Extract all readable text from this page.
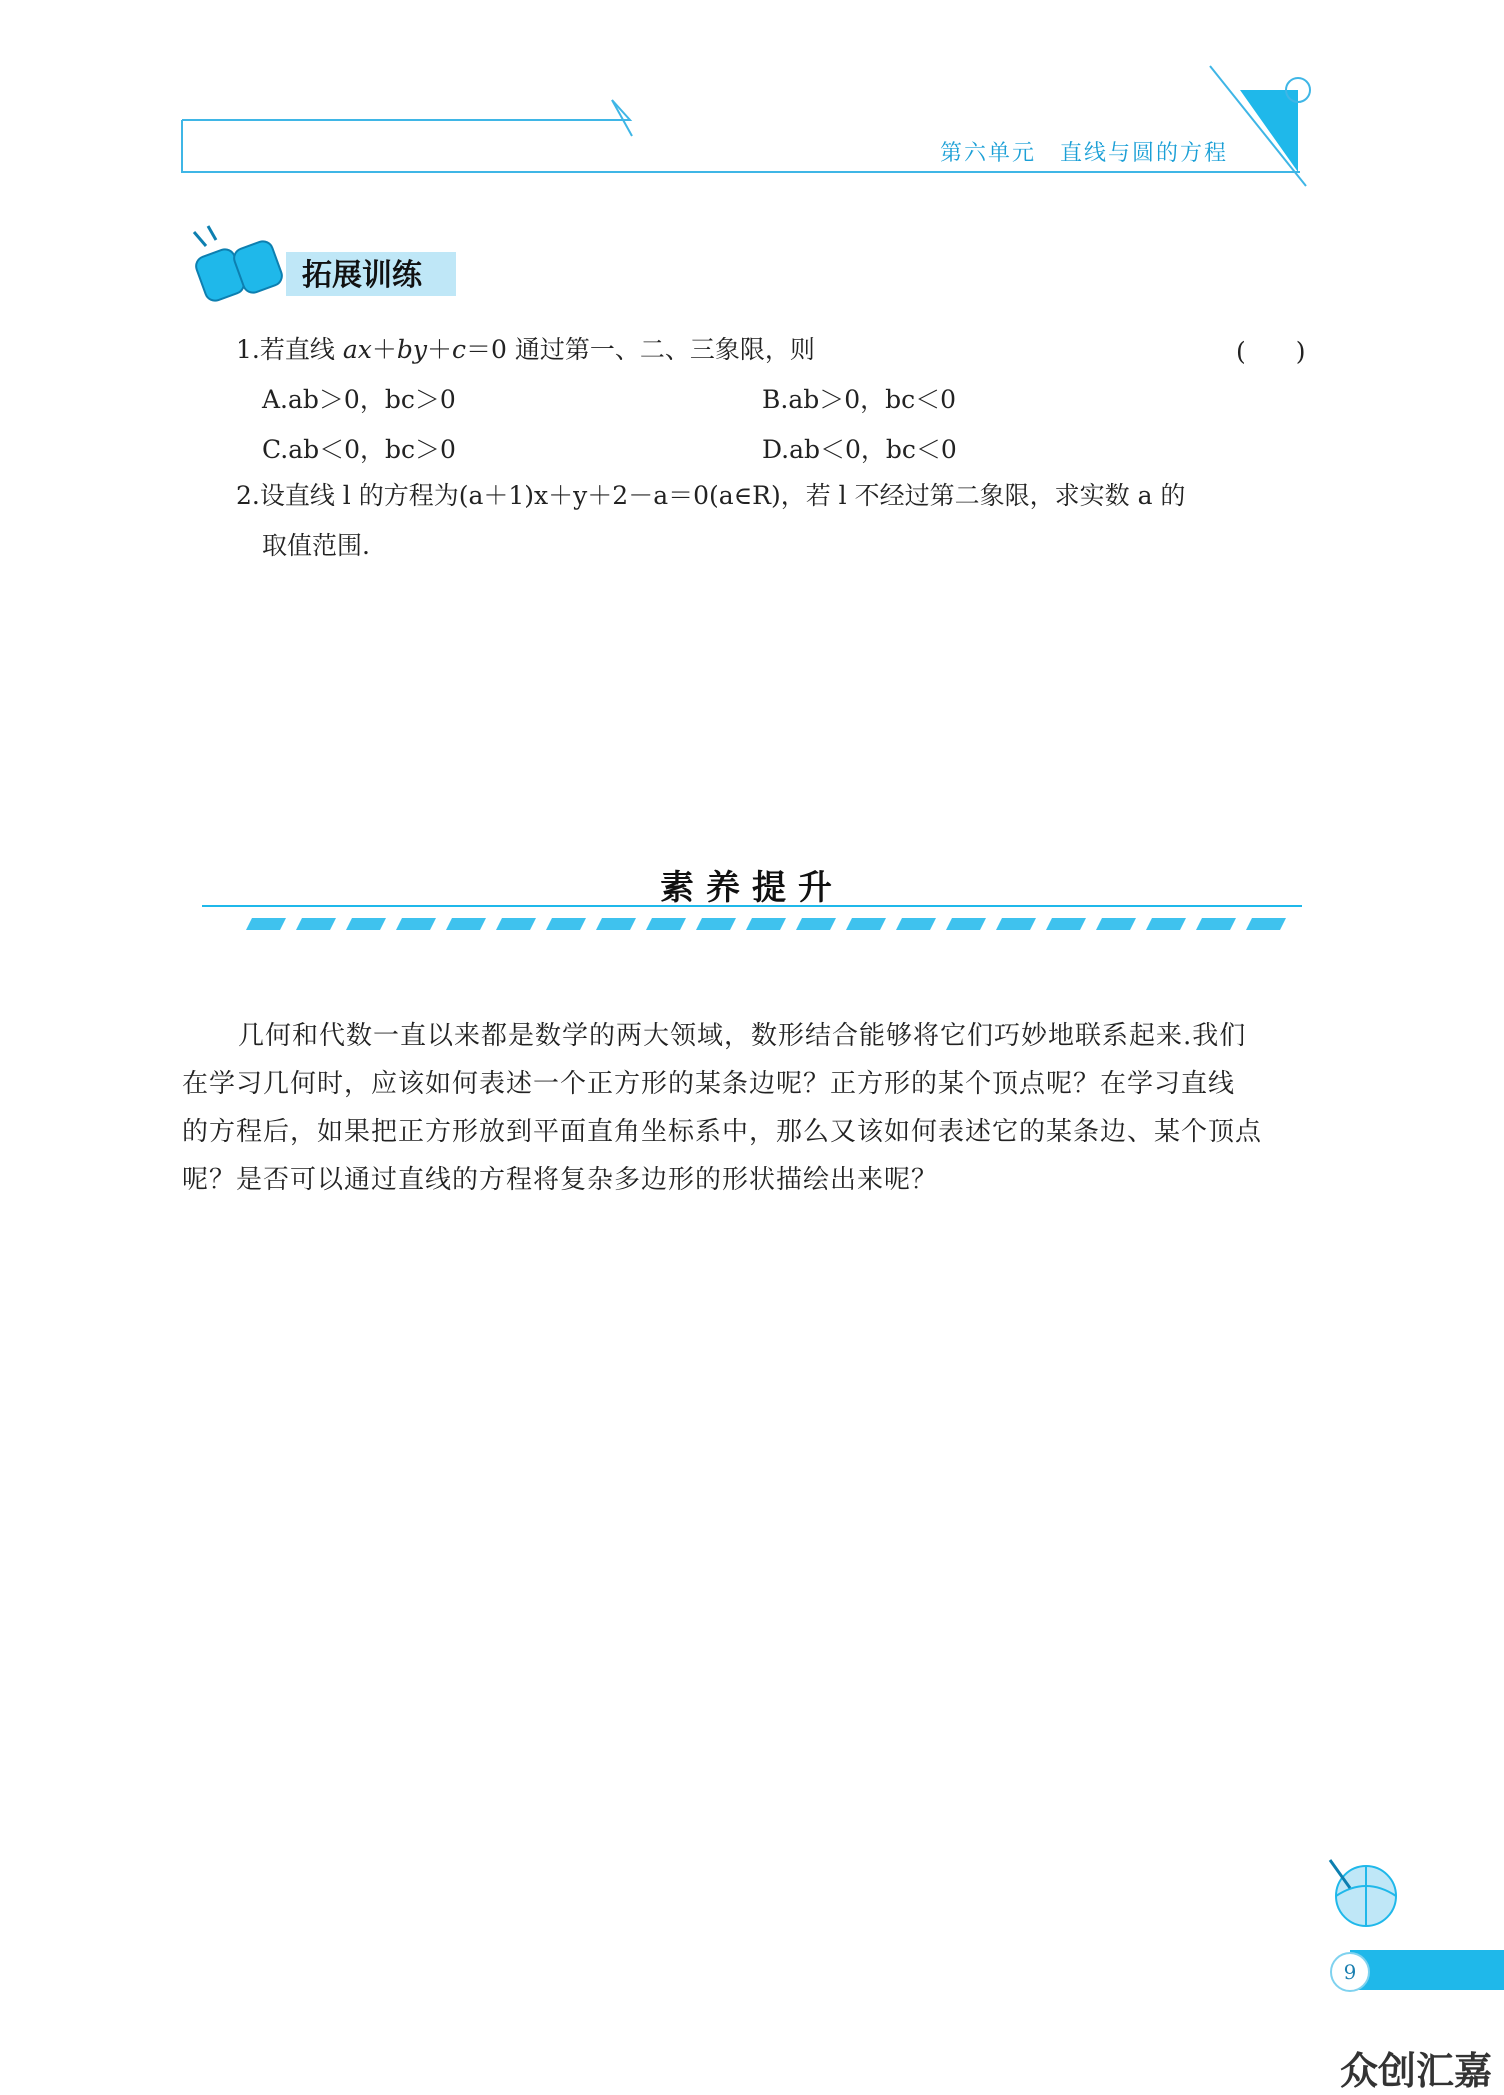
第六单元　直线与圆的方程
拓展训练
1.若直线 ax＋by＋c＝0 通过第一、二、三象限，则	(　　)
A.ab＞0，bc＞0	B.ab＞0，bc＜0
C.ab＜0，bc＞0	D.ab＜0，bc＜0
2.设直线 l 的方程为(a＋1)x＋y＋2－a＝0(a∈R)，若 l 不经过第二象限，求实数 a 的
取值范围.
素养提升

几何和代数一直以来都是数学的两大领域，数形结合能够将它们巧妙地联系起来.我们

在学习几何时，应该如何表述一个正方形的某条边呢？正方形的某个顶点呢？在学习直线

的方程后，如果把正方形放到平面直角坐标系中，那么又该如何表述它的某条边、某个顶点

呢？是否可以通过直线的方程将复杂多边形的形状描绘出来呢？

9
众创汇嘉
